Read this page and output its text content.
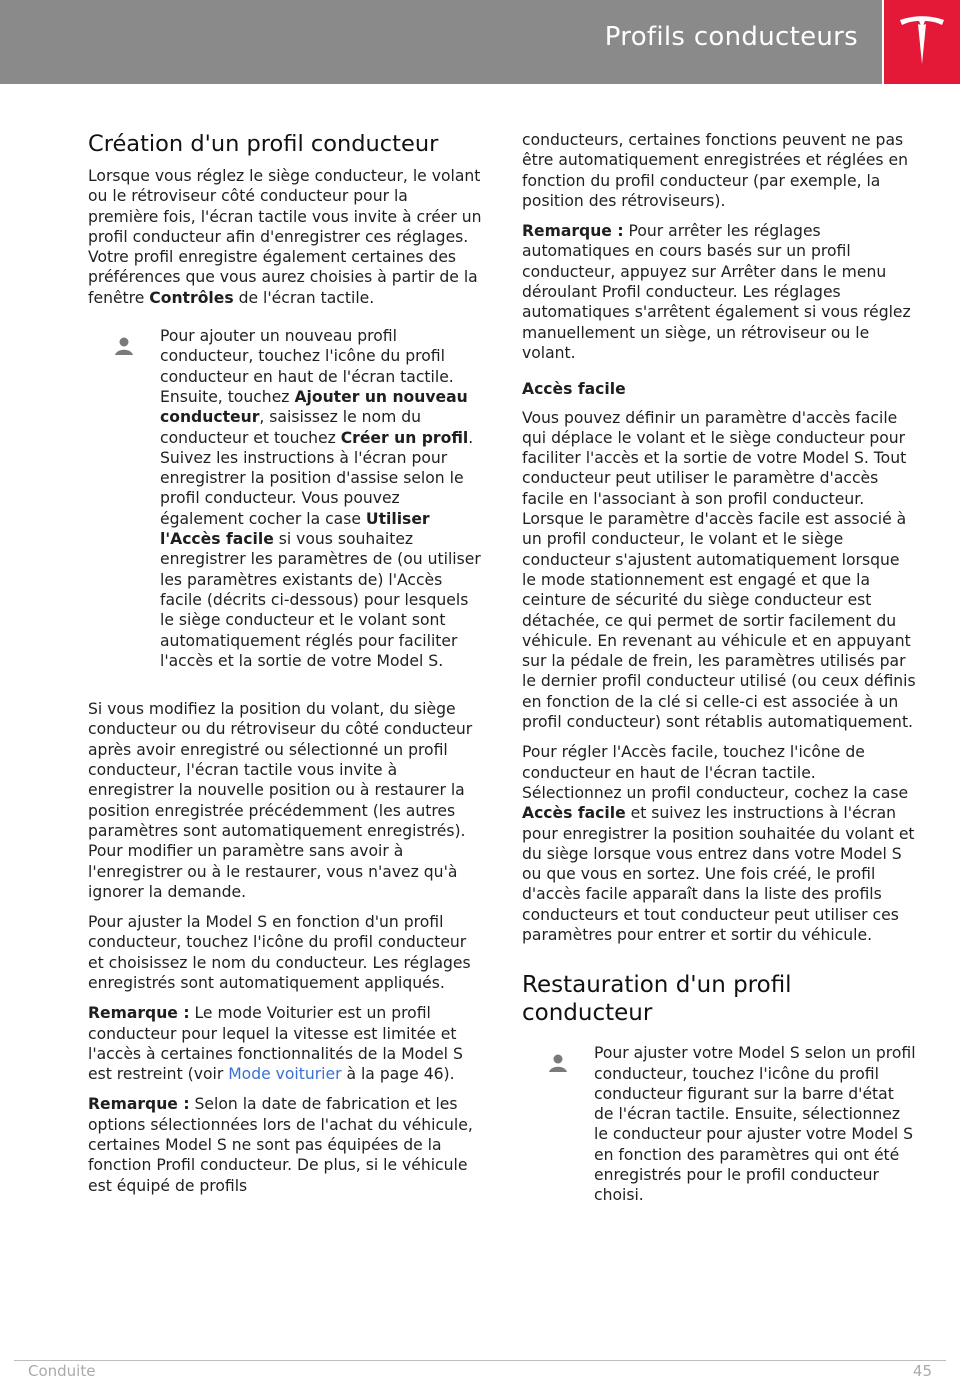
Profils conducteurs
Création d'un profil conducteur

Lorsque vous réglez le siège conducteur, le volant ou le rétroviseur côté conducteur pour la première fois, l'écran tactile vous invite à créer un profil conducteur afin d'enregistrer ces réglages. Votre profil enregistre également certaines des préférences que vous aurez choisies à partir de la fenêtre Contrôles de l'écran tactile.

Pour ajouter un nouveau profil conducteur, touchez l'icône du profil conducteur en haut de l'écran tactile. Ensuite, touchez Ajouter un nouveau conducteur, saisissez le nom du conducteur et touchez Créer un profil. Suivez les instructions à l'écran pour enregistrer la position d'assise selon le profil conducteur. Vous pouvez également cocher la case Utiliser l'Accès facile si vous souhaitez enregistrer les paramètres de (ou utiliser les paramètres existants de) l'Accès facile (décrits ci-dessous) pour lesquels le siège conducteur et le volant sont automatiquement réglés pour faciliter l'accès et la sortie de votre Model S.

Si vous modifiez la position du volant, du siège conducteur ou du rétroviseur du côté conducteur après avoir enregistré ou sélectionné un profil conducteur, l'écran tactile vous invite à enregistrer la nouvelle position ou à restaurer la position enregistrée précédemment (les autres paramètres sont automatiquement enregistrés). Pour modifier un paramètre sans avoir à l'enregistrer ou à le restaurer, vous n'avez qu'à ignorer la demande.

Pour ajuster la Model S en fonction d'un profil conducteur, touchez l'icône du profil conducteur et choisissez le nom du conducteur. Les réglages enregistrés sont automatiquement appliqués.

Remarque : Le mode Voiturier est un profil conducteur pour lequel la vitesse est limitée et l'accès à certaines fonctionnalités de la Model S est restreint (voir Mode voiturier à la page 46).

Remarque : Selon la date de fabrication et les options sélectionnées lors de l'achat du véhicule, certaines Model S ne sont pas équipées de la fonction Profil conducteur. De plus, si le véhicule est équipé de profils

conducteurs, certaines fonctions peuvent ne pas être automatiquement enregistrées et réglées en fonction du profil conducteur (par exemple, la position des rétroviseurs).

Remarque : Pour arrêter les réglages automatiques en cours basés sur un profil conducteur, appuyez sur Arrêter dans le menu déroulant Profil conducteur. Les réglages automatiques s'arrêtent également si vous réglez manuellement un siège, un rétroviseur ou le volant.

Accès facile

Vous pouvez définir un paramètre d'accès facile qui déplace le volant et le siège conducteur pour faciliter l'accès et la sortie de votre Model S. Tout conducteur peut utiliser le paramètre d'accès facile en l'associant à son profil conducteur. Lorsque le paramètre d'accès facile est associé à un profil conducteur, le volant et le siège conducteur s'ajustent automatiquement lorsque le mode stationnement est engagé et que la ceinture de sécurité du siège conducteur est détachée, ce qui permet de sortir facilement du véhicule. En revenant au véhicule et en appuyant sur la pédale de frein, les paramètres utilisés par le dernier profil conducteur utilisé (ou ceux définis en fonction de la clé si celle-ci est associée à un profil conducteur) sont rétablis automatiquement.

Pour régler l'Accès facile, touchez l'icône de conducteur en haut de l'écran tactile. Sélectionnez un profil conducteur, cochez la case Accès facile et suivez les instructions à l'écran pour enregistrer la position souhaitée du volant et du siège lorsque vous entrez dans votre Model S ou que vous en sortez. Une fois créé, le profil d'accès facile apparaît dans la liste des profils conducteurs et tout conducteur peut utiliser ces paramètres pour entrer et sortir du véhicule.

Restauration d'un profil conducteur
Pour ajuster votre Model S selon un profil conducteur, touchez l'icône du profil conducteur figurant sur la barre d'état de l'écran tactile. Ensuite, sélectionnez le conducteur pour ajuster votre Model S en fonction des paramètres qui ont été enregistrés pour le profil conducteur choisi.
Conduite	45
